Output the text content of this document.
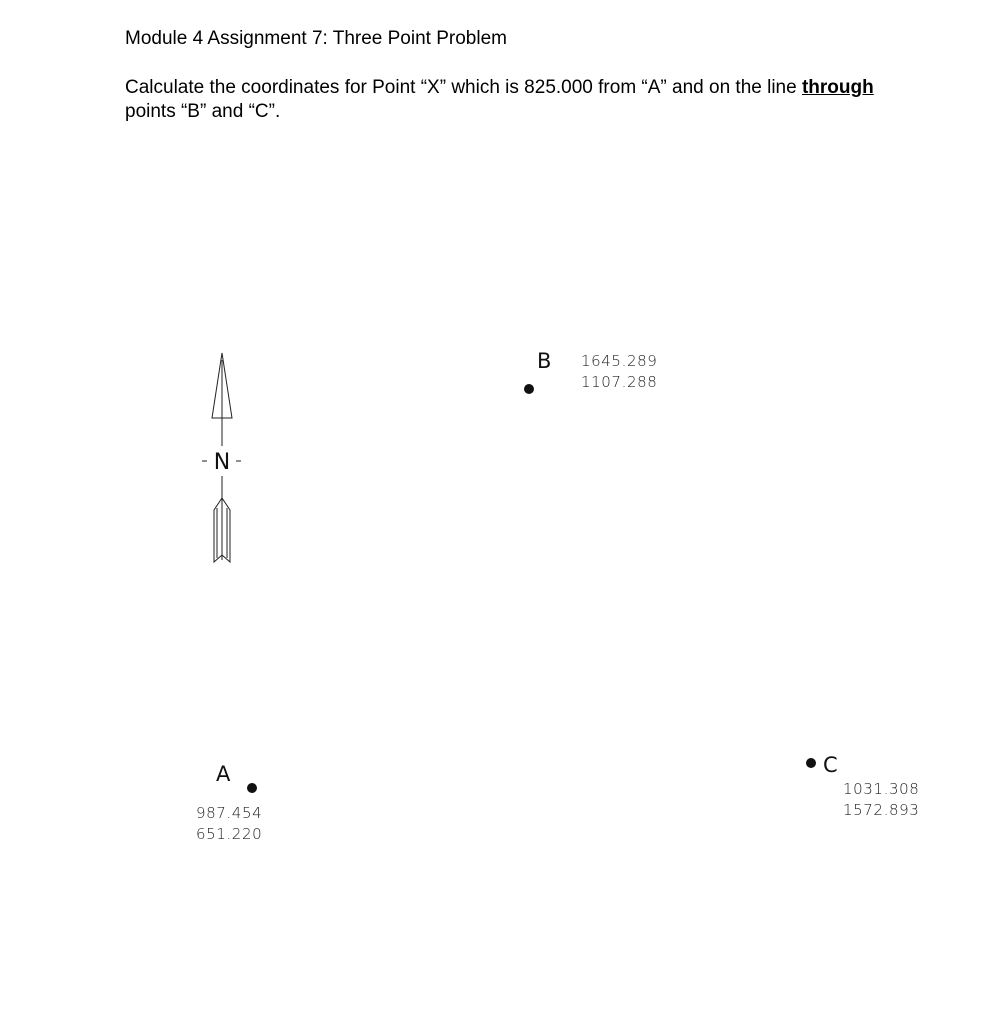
Module 4 Assignment 7: Three Point Problem
Calculate the coordinates for Point “X” which is 825.000 from “A” and on the line through points “B” and “C”.
N
B 1645.289
1107.288
A
987.454
651.220
C
1031.308
1572.893
